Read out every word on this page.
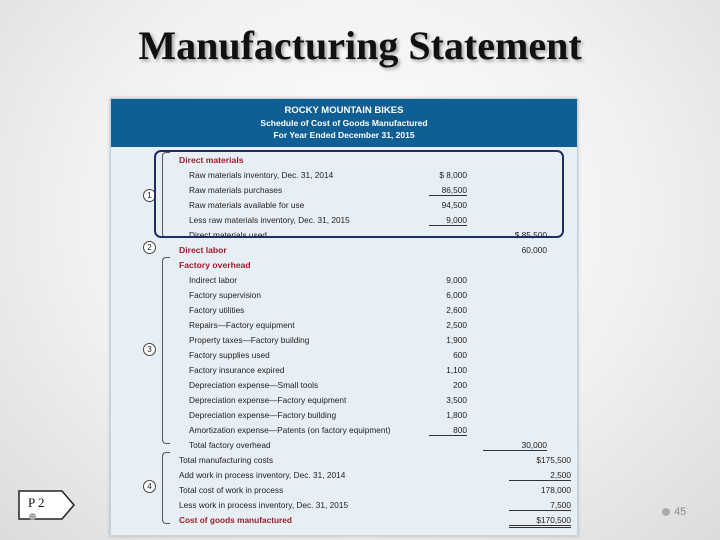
Manufacturing Statement
ROCKY MOUNTAIN BIKES
Schedule of Cost of Goods Manufactured
For Year Ended December 31, 2015
Direct materials
Raw materials inventory, Dec. 31, 2014	$ 8,000
Raw materials purchases	86,500
Raw materials available for use	94,500
Less raw materials inventory, Dec. 31, 2015	9,000
Direct materials used	$ 85,500
Direct labor	60,000
Factory overhead
Indirect labor	9,000
Factory supervision	6,000
Factory utilities	2,600
Repairs—Factory equipment	2,500
Property taxes—Factory building	1,900
Factory supplies used	600
Factory insurance expired	1,100
Depreciation expense—Small tools	200
Depreciation expense—Factory equipment	3,500
Depreciation expense—Factory building	1,800
Amortization expense—Patents (on factory equipment)	800
Total factory overhead	30,000
Total manufacturing costs	$175,500
Add work in process inventory, Dec. 31, 2014	2,500
Total cost of work in process	178,000
Less work in process inventory, Dec. 31, 2015	7,500
Cost of goods manufactured	$170,500
1
2
3
4
P 2
45
